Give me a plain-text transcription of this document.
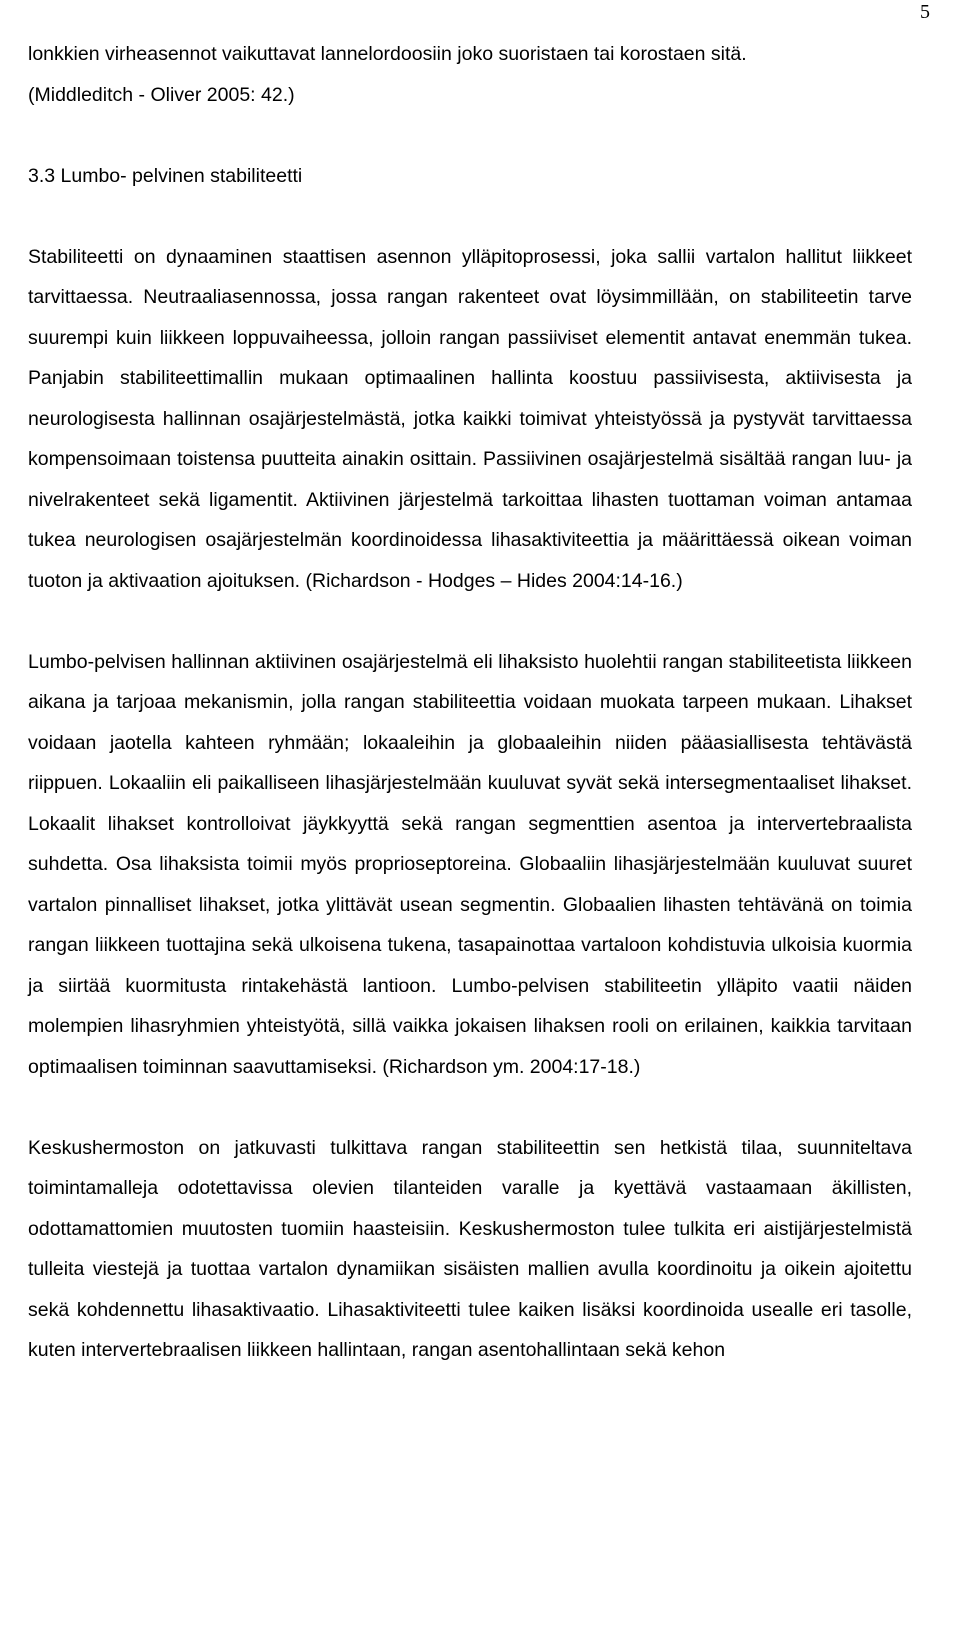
5

lonkkien virheasennot vaikuttavat lannelordoosiin joko suoristaen tai korostaen sitä.
(Middleditch - Oliver 2005: 42.)

3.3 Lumbo- pelvinen stabiliteetti

Stabiliteetti on dynaaminen staattisen asennon ylläpitoprosessi, joka sallii vartalon hallitut liikkeet tarvittaessa. Neutraaliasennossa, jossa rangan rakenteet ovat löysimmillään, on stabiliteetin tarve suurempi kuin liikkeen loppuvaiheessa, jolloin rangan passiiviset elementit antavat enemmän tukea. Panjabin stabiliteettimallin mukaan optimaalinen hallinta koostuu passiivisesta, aktiivisesta ja neurologisesta hallinnan osajärjestelmästä, jotka kaikki toimivat yhteistyössä ja pystyvät tarvittaessa kompensoimaan toistensa puutteita ainakin osittain. Passiivinen osajärjestelmä sisältää rangan luu- ja nivelrakenteet sekä ligamentit. Aktiivinen järjestelmä tarkoittaa lihasten tuottaman voiman antamaa tukea neurologisen osajärjestelmän koordinoidessa lihasaktiviteettia ja määrittäessä oikean voiman tuoton ja aktivaation ajoituksen. (Richardson - Hodges – Hides 2004:14-16.)

Lumbo-pelvisen hallinnan aktiivinen osajärjestelmä eli lihaksisto huolehtii rangan stabiliteetista liikkeen aikana ja tarjoaa mekanismin, jolla rangan stabiliteettia voidaan muokata tarpeen mukaan. Lihakset voidaan jaotella kahteen ryhmään; lokaaleihin ja globaaleihin niiden pääasiallisesta tehtävästä riippuen. Lokaaliin eli paikalliseen lihasjärjestelmään kuuluvat syvät sekä intersegmentaaliset lihakset. Lokaalit lihakset kontrolloivat jäykkyyttä sekä rangan segmenttien asentoa ja intervertebraalista suhdetta. Osa lihaksista toimii myös proprioseptoreina. Globaaliin lihasjärjestelmään kuuluvat suuret vartalon pinnalliset lihakset, jotka ylittävät usean segmentin. Globaalien lihasten tehtävänä on toimia rangan liikkeen tuottajina sekä ulkoisena tukena, tasapainottaa vartaloon kohdistuvia ulkoisia kuormia ja siirtää kuormitusta rintakehästä lantioon. Lumbo-pelvisen stabiliteetin ylläpito vaatii näiden molempien lihasryhmien yhteistyötä, sillä vaikka jokaisen lihaksen rooli on erilainen, kaikkia tarvitaan optimaalisen toiminnan saavuttamiseksi. (Richardson ym. 2004:17-18.)

Keskushermoston on jatkuvasti tulkittava rangan stabiliteettin sen hetkistä tilaa, suunniteltava toimintamalleja odotettavissa olevien tilanteiden varalle ja kyettävä vastaamaan äkillisten, odottamattomien muutosten tuomiin haasteisiin. Keskushermoston tulee tulkita eri aistijärjestelmistä tulleita viestejä ja tuottaa vartalon dynamiikan sisäisten mallien avulla koordinoitu ja oikein ajoitettu sekä kohdennettu lihasaktivaatio. Lihasaktiviteetti tulee kaiken lisäksi koordinoida usealle eri tasolle, kuten intervertebraalisen liikkeen hallintaan, rangan asentohallintaan sekä kehon
